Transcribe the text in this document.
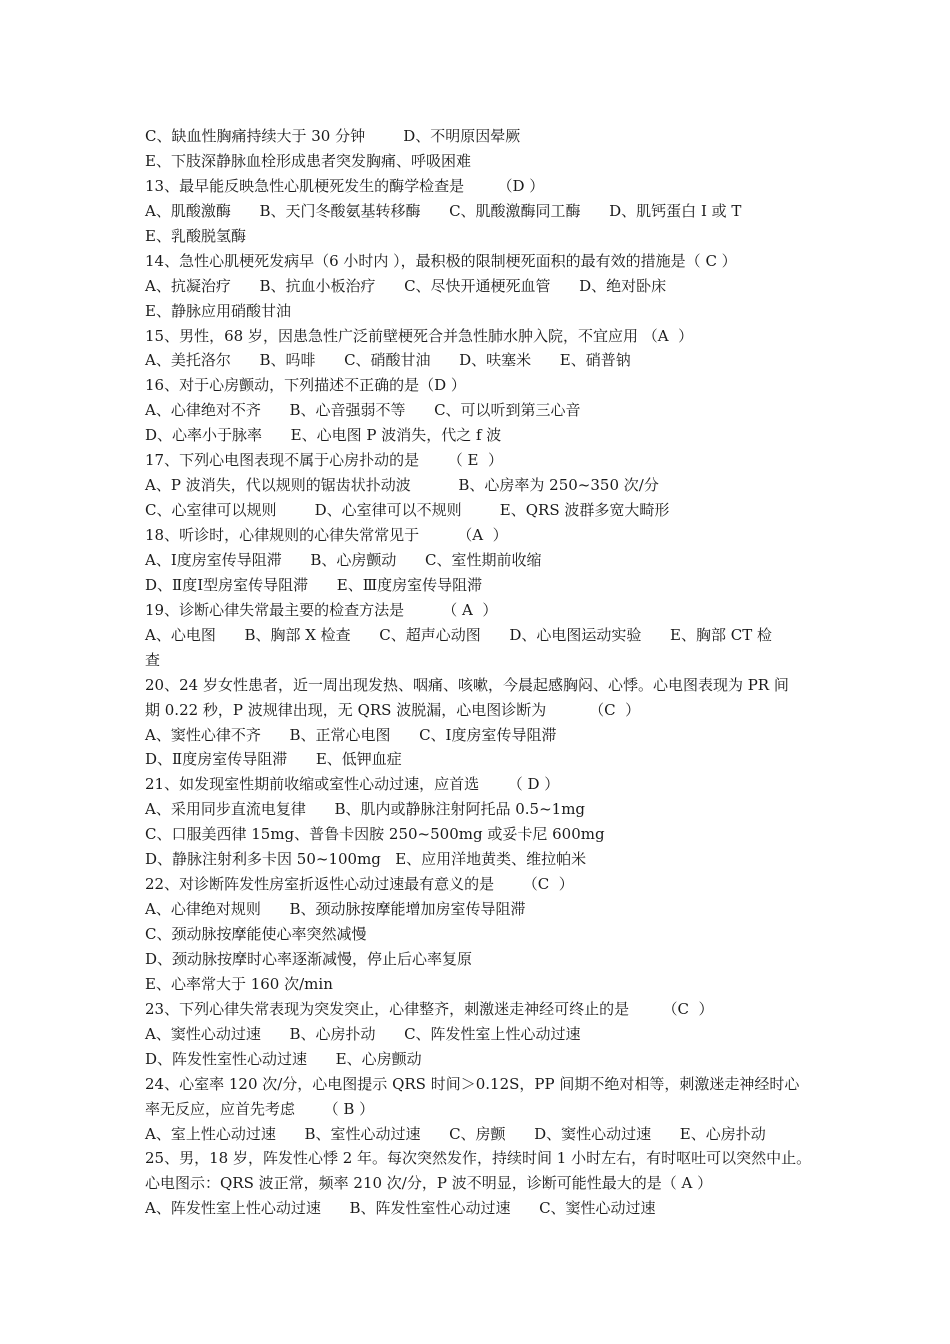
C、缺血性胸痛持续大于 30 分钟        D、不明原因晕厥
E、下肢深静脉血栓形成患者突发胸痛、呼吸困难
13、最早能反映急性心肌梗死发生的酶学检查是       （D ）
A、肌酸激酶      B、天门冬酸氨基转移酶      C、肌酸激酶同工酶      D、肌钙蛋白 I 或 T
E、乳酸脱氢酶
14、急性心肌梗死发病早（6 小时内 ），最积极的限制梗死面积的最有效的措施是（ C ）
A、抗凝治疗      B、抗血小板治疗      C、尽快开通梗死血管      D、绝对卧床
E、静脉应用硝酸甘油
15、男性，68 岁，因患急性广泛前壁梗死合并急性肺水肿入院，不宜应用 （A  ）
A、美托洛尔      B、吗啡      C、硝酸甘油      D、呋塞米      E、硝普钠
16、对于心房颤动，下列描述不正确的是（D ）
A、心律绝对不齐      B、心音强弱不等      C、可以听到第三心音
D、心率小于脉率      E、心电图 P 波消失，代之 f 波
17、下列心电图表现不属于心房扑动的是      （ E  ）
A、P 波消失，代以规则的锯齿状扑动波          B、心房率为 250~350 次/分
C、心室律可以规则        D、心室律可以不规则        E、QRS 波群多宽大畸形
18、听诊时，心律规则的心律失常常见于        （A  ）
A、Ⅰ度房室传导阻滞      B、心房颤动      C、室性期前收缩
D、Ⅱ度Ⅰ型房室传导阻滞      E、Ⅲ度房室传导阻滞
19、诊断心律失常最主要的检查方法是        （ A  ）
A、心电图      B、胸部 X 检查      C、超声心动图      D、心电图运动实验      E、胸部 CT 检
查
20、24 岁女性患者，近一周出现发热、咽痛、咳嗽，今晨起感胸闷、心悸。心电图表现为 PR 间
期 0.22 秒，P 波规律出现，无 QRS 波脱漏，心电图诊断为         （C  ）
A、窦性心律不齐      B、正常心电图      C、Ⅰ度房室传导阻滞
D、Ⅱ度房室传导阻滞      E、低钾血症
21、如发现室性期前收缩或室性心动过速，应首选      （ D ）
A、采用同步直流电复律      B、肌内或静脉注射阿托品 0.5~1mg
C、口服美西律 15mg、普鲁卡因胺 250~500mg 或妥卡尼 600mg
D、静脉注射利多卡因 50~100mg   E、应用洋地黄类、维拉帕米
22、对诊断阵发性房室折返性心动过速最有意义的是      （C  ）
A、心律绝对规则      B、颈动脉按摩能增加房室传导阻滞
C、颈动脉按摩能使心率突然减慢
D、颈动脉按摩时心率逐渐减慢，停止后心率复原
E、心率常大于 160 次/min
23、下列心律失常表现为突发突止，心律整齐，刺激迷走神经可终止的是       （C  ）
A、窦性心动过速      B、心房扑动      C、阵发性室上性心动过速
D、阵发性室性心动过速      E、心房颤动
24、心室率 120 次/分，心电图提示 QRS 时间＞0.12S，PP 间期不绝对相等，刺激迷走神经时心
率无反应，应首先考虑      （ B ）
A、室上性心动过速      B、室性心动过速      C、房颤      D、窦性心动过速      E、心房扑动
25、男，18 岁，阵发性心悸 2 年。每次突然发作，持续时间 1 小时左右，有时呕吐可以突然中止。
心电图示：QRS 波正常，频率 210 次/分，P 波不明显，诊断可能性最大的是（ A ）
A、阵发性室上性心动过速      B、阵发性室性心动过速      C、窦性心动过速
